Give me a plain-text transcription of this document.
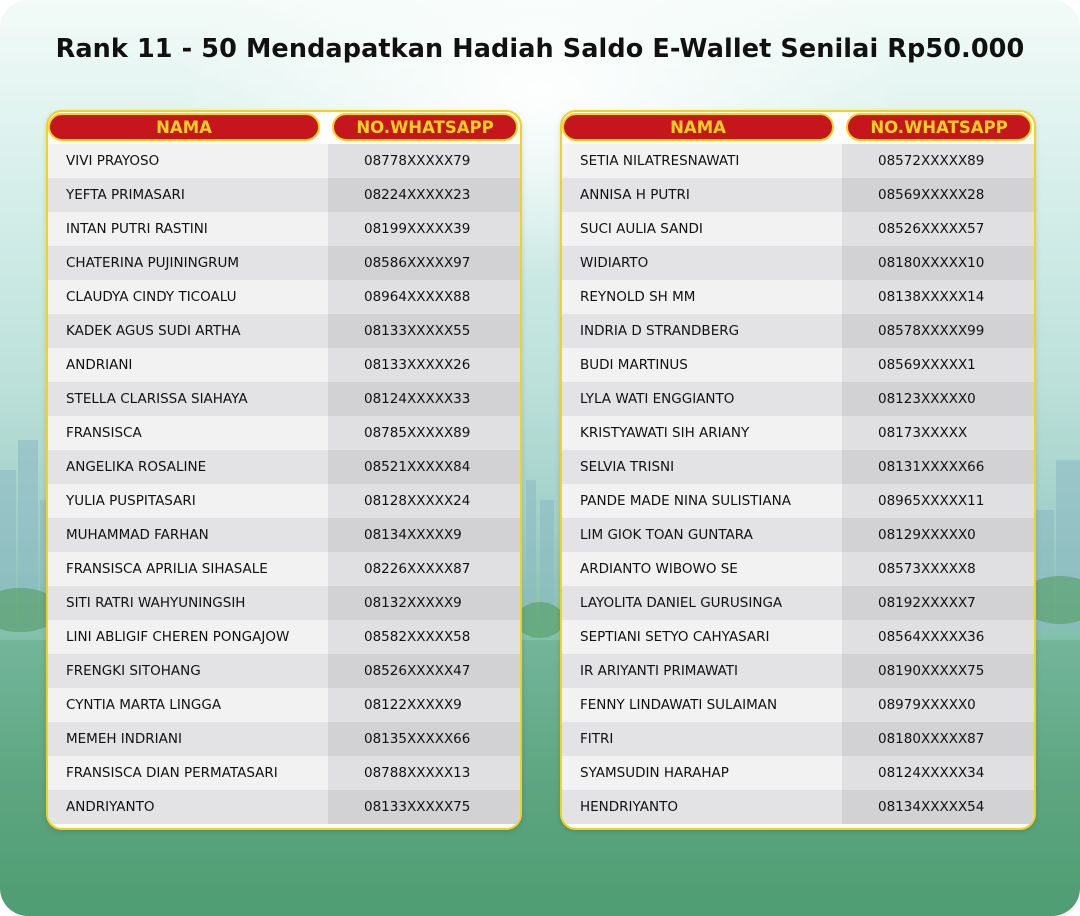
Rank 11 - 50 Mendapatkan Hadiah Saldo E-Wallet Senilai Rp50.000
NAMA	NO.WHATSAPP
VIVI PRAYOSO	08778XXXXX79
YEFTA PRIMASARI	08224XXXXX23
INTAN PUTRI RASTINI	08199XXXXX39
CHATERINA PUJININGRUM	08586XXXXX97
CLAUDYA CINDY TICOALU	08964XXXXX88
KADEK AGUS SUDI ARTHA	08133XXXXX55
ANDRIANI	08133XXXXX26
STELLA CLARISSA SIAHAYA	08124XXXXX33
FRANSISCA	08785XXXXX89
ANGELIKA ROSALINE	08521XXXXX84
YULIA PUSPITASARI	08128XXXXX24
MUHAMMAD FARHAN	08134XXXXX9
FRANSISCA APRILIA SIHASALE	08226XXXXX87
SITI RATRI WAHYUNINGSIH	08132XXXXX9
LINI ABLIGIF CHEREN PONGAJOW	08582XXXXX58
FRENGKI SITOHANG	08526XXXXX47
CYNTIA MARTA LINGGA	08122XXXXX9
MEMEH INDRIANI	08135XXXXX66
FRANSISCA DIAN PERMATASARI	08788XXXXX13
ANDRIYANTO	08133XXXXX75
NAMA	NO.WHATSAPP
SETIA NILATRESNAWATI	08572XXXXX89
ANNISA H PUTRI	08569XXXXX28
SUCI AULIA SANDI	08526XXXXX57
WIDIARTO	08180XXXXX10
REYNOLD SH MM	08138XXXXX14
INDRIA D STRANDBERG	08578XXXXX99
BUDI MARTINUS	08569XXXXX1
LYLA WATI ENGGIANTO	08123XXXXX0
KRISTYAWATI SIH ARIANY	08173XXXXX
SELVIA TRISNI	08131XXXXX66
PANDE MADE NINA SULISTIANA	08965XXXXX11
LIM GIOK TOAN GUNTARA	08129XXXXX0
ARDIANTO WIBOWO SE	08573XXXXX8
LAYOLITA DANIEL GURUSINGA	08192XXXXX7
SEPTIANI SETYO CAHYASARI	08564XXXXX36
IR ARIYANTI PRIMAWATI	08190XXXXX75
FENNY LINDAWATI SULAIMAN	08979XXXXX0
FITRI	08180XXXXX87
SYAMSUDIN HARAHAP	08124XXXXX34
HENDRIYANTO	08134XXXXX54
